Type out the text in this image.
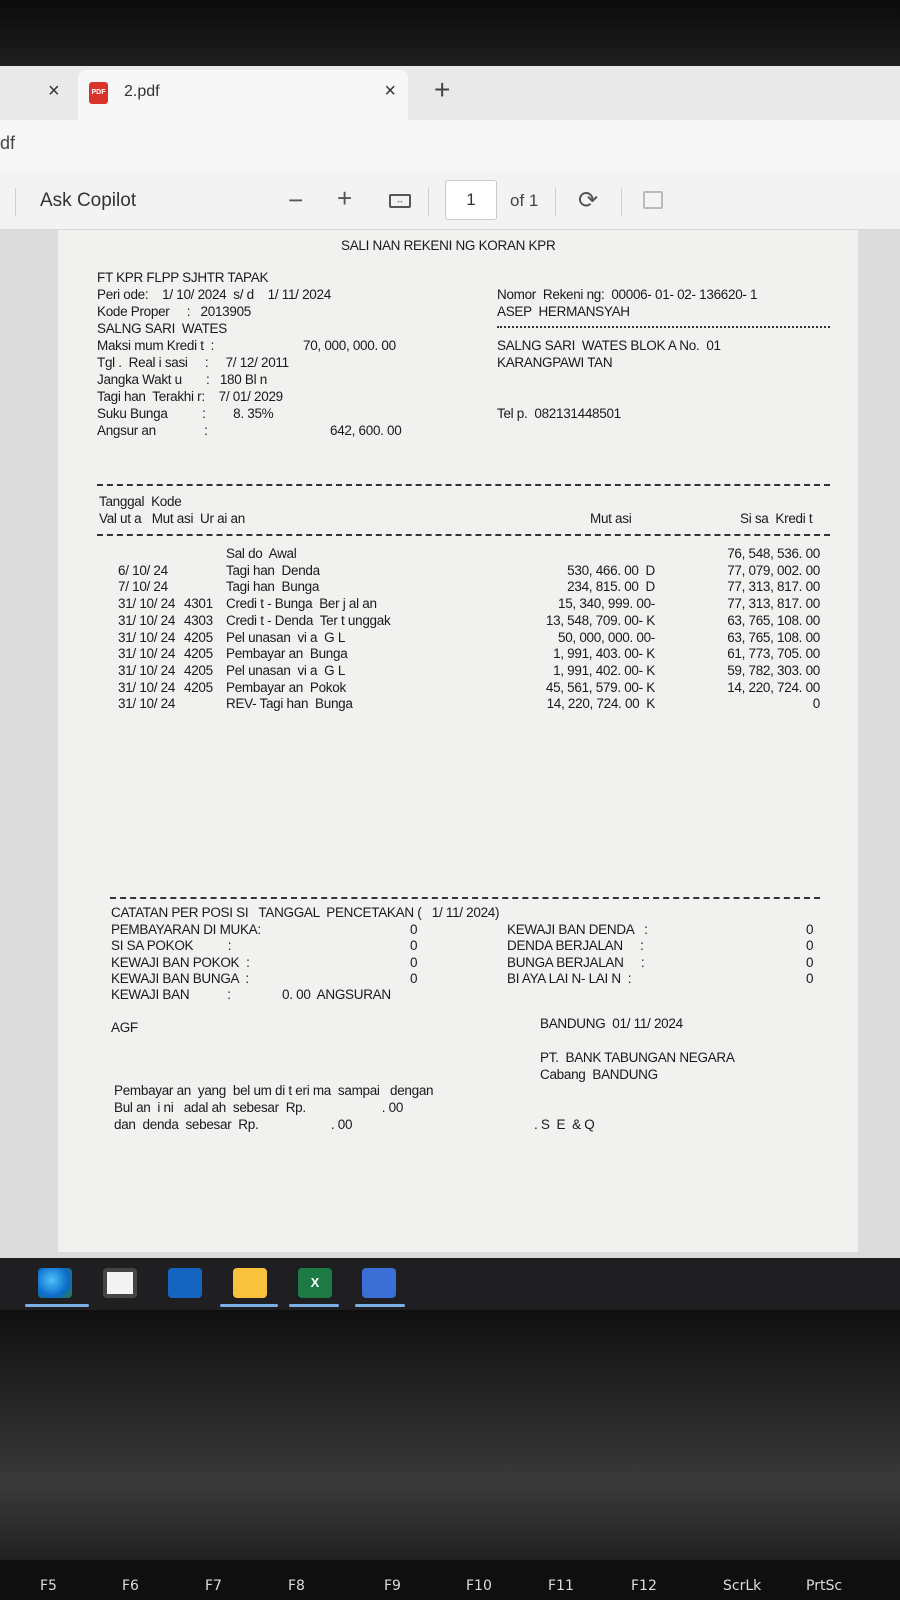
×	PDF 2.pdf	× +
df
Ask Copilot	− +	↔	1	of 1 ⟳
SALI NAN REKENI NG KORAN KPR
FT KPR FLPP SJHTR TAPAK
Peri ode:    1/ 10/ 2024  s/ d    1/ 11/ 2024
Kode Proper     :   2013905
SALNG SARI  WATES
Maksi mum Kredi t  :	70, 000, 000. 00
Tgl .  Real i sasi     :     7/ 12/ 2011
Jangka Wakt u       :   180 Bl n
Tagi han  Terakhi r:    7/ 01/ 2029
Suku Bunga          :        8. 35%
Angsur an              :	642, 600. 00
Nomor  Rekeni ng:  00006- 01- 02- 136620- 1
ASEP  HERMANSYAH
SALNG SARI  WATES BLOK A No.  01
KARANGPAWI TAN
Tel p.  082131448501
Tanggal  Kode
Val ut a   Mut asi  Ur ai an	Mut asi	Si sa  Kredi t
Sal do  Awal	76, 548, 536. 00
6/ 10/ 24	Tagi han  Denda	530, 466. 00  D	77, 079, 002. 00
7/ 10/ 24	Tagi han  Bunga	234, 815. 00  D	77, 313, 817. 00
31/ 10/ 24 4301 Credi t - Bunga  Ber j al an	15, 340, 999. 00-	77, 313, 817. 00
31/ 10/ 24 4303 Credi t - Denda  Ter t unggak	13, 548, 709. 00- K	63, 765, 108. 00
31/ 10/ 24 4205 Pel unasan  vi a  G L	50, 000, 000. 00-	63, 765, 108. 00
31/ 10/ 24 4205 Pembayar an  Bunga	1, 991, 403. 00- K	61, 773, 705. 00
31/ 10/ 24 4205 Pel unasan  vi a  G L	1, 991, 402. 00- K	59, 782, 303. 00
31/ 10/ 24 4205 Pembayar an  Pokok	45, 561, 579. 00- K	14, 220, 724. 00
31/ 10/ 24	REV- Tagi han  Bunga	14, 220, 724. 00  K	0
CATATAN PER POSI SI   TANGGAL  PENCETAKAN (   1/ 11/ 2024)
PEMBAYARAN DI MUKA:	0
SI SA POKOK          :	0
KEWAJI BAN POKOK  :	0
KEWAJI BAN BUNGA  :	0
KEWAJI BAN           :	0. 00  ANGSURAN
KEWAJI BAN DENDA   :	0
DENDA BERJALAN     :	0
BUNGA BERJALAN     :	0
BI AYA LAI N- LAI N  :	0
AGF	BANDUNG  01/ 11/ 2024
PT.  BANK TABUNGAN NEGARA
Cabang  BANDUNG
Pembayar an  yang  bel um di t eri ma  sampai   dengan
Bul an  i ni   adal ah  sebesar  Rp.                      . 00
dan  denda  sebesar  Rp.                     . 00	. S  E  & Q
X
F5	F6	F7	F8	F9	F10	F11	F12	ScrLk	PrtSc
